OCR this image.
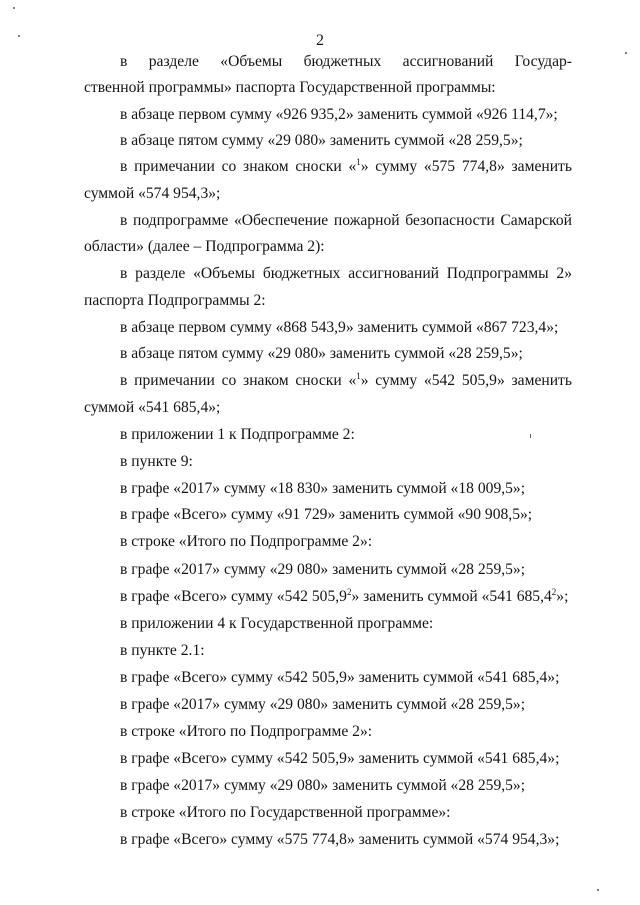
2
в разделе «Объемы бюджетных ассигнований Государ-
ственной программы» паспорта Государственной программы:
в абзаце первом сумму «926 935,2» заменить суммой «926 114,7»;
в абзаце пятом сумму «29 080» заменить суммой «28 259,5»;
в примечании со знаком сноски «$^1$» сумму «575 774,8» заменить
суммой «574 954,3»;
в подпрограмме «Обеспечение пожарной безопасности Самарской
области» (далее – Подпрограмма 2):
в разделе «Объемы бюджетных ассигнований Подпрограммы 2»
паспорта Подпрограммы 2:
в абзаце первом сумму «868 543,9» заменить суммой «867 723,4»;
в абзаце пятом сумму «29 080» заменить суммой «28 259,5»;
в примечании со знаком сноски «$^1$» сумму «542 505,9» заменить
суммой «541 685,4»;
в приложении 1 к Подпрограмме 2:
в пункте 9:
в графе «2017» сумму «18 830» заменить суммой «18 009,5»;
в графе «Всего» сумму «91 729» заменить суммой «90 908,5»;
в строке «Итого по Подпрограмме 2»:
в графе «2017» сумму «29 080» заменить суммой «28 259,5»;
в графе «Всего» сумму «542 505,9$^2$» заменить суммой «541 685,4$^2$»;
в приложении 4 к Государственной программе:
в пункте 2.1:
в графе «Всего» сумму «542 505,9» заменить суммой «541 685,4»;
в графе «2017» сумму «29 080» заменить суммой «28 259,5»;
в строке «Итого по Подпрограмме 2»:
в графе «Всего» сумму «542 505,9» заменить суммой «541 685,4»;
в графе «2017» сумму «29 080» заменить суммой «28 259,5»;
в строке «Итого по Государственной программе»:
в графе «Всего» сумму «575 774,8» заменить суммой «574 954,3»;
